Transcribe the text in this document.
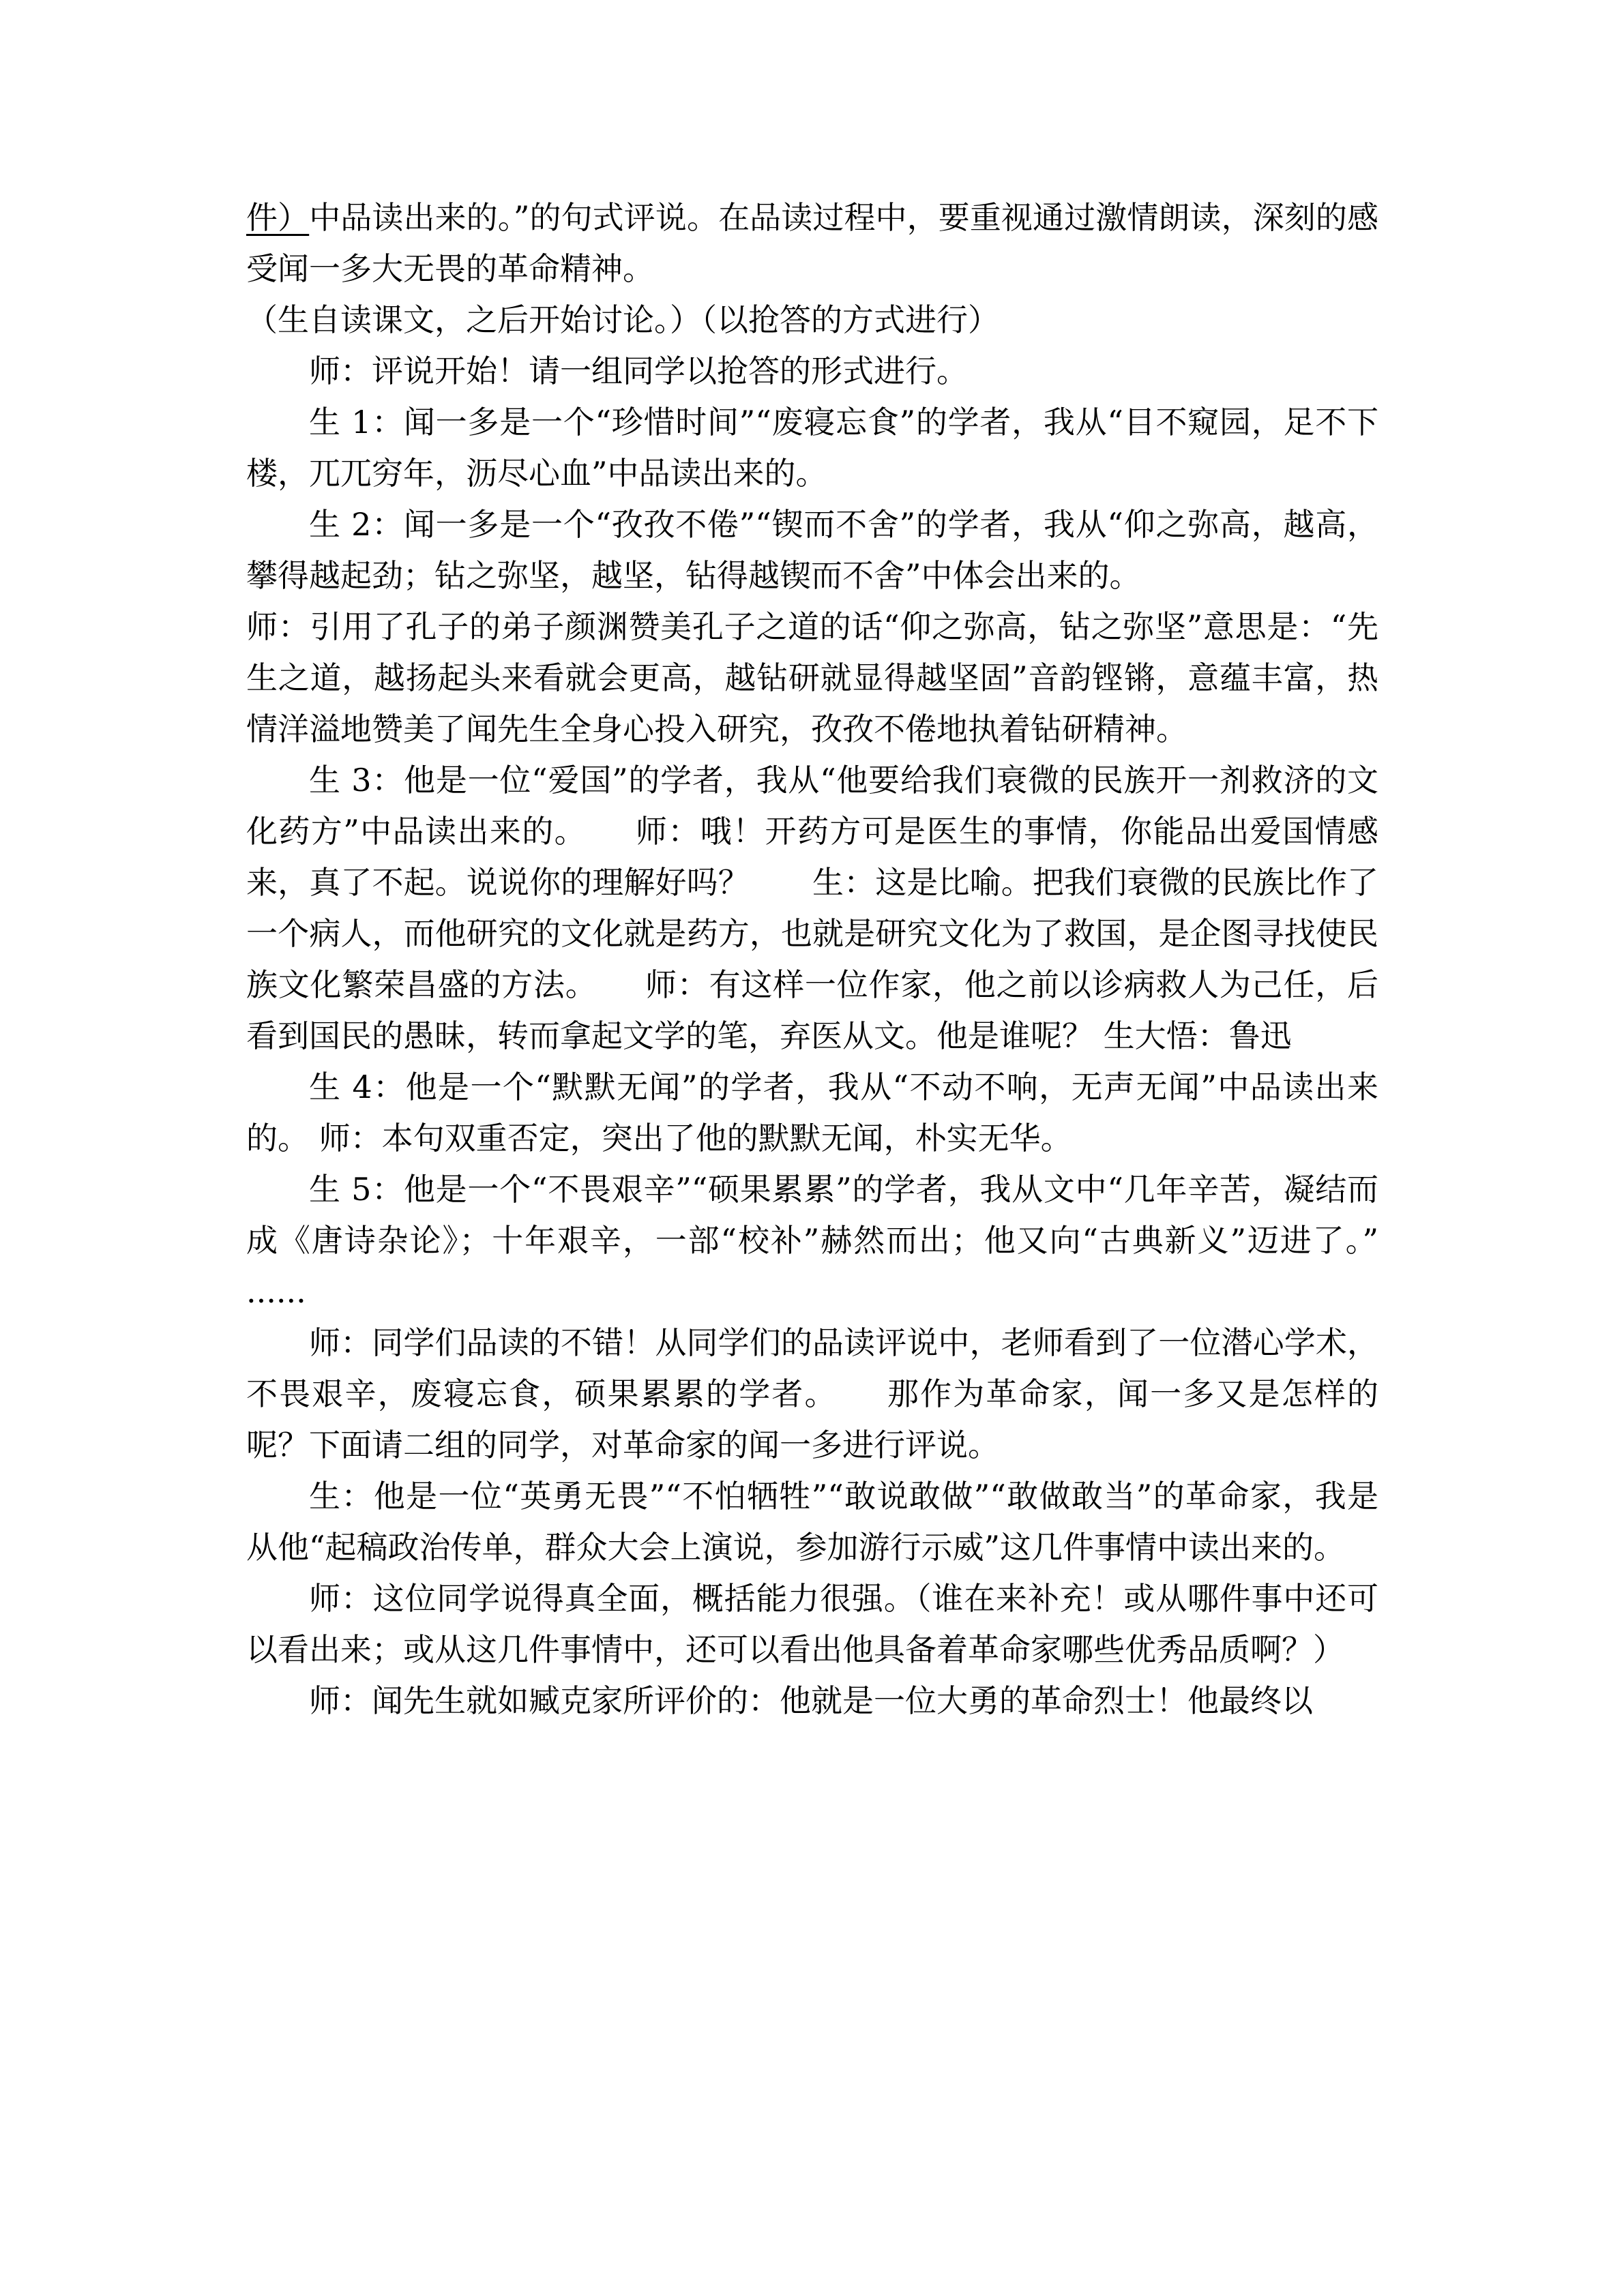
件）中品读出来的。”的句式评说。在品读过程中，要重视通过激情朗读，深刻的感受闻一多大无畏的革命精神。

（生自读课文，之后开始讨论。）（以抢答的方式进行）

师：评说开始！请一组同学以抢答的形式进行。

生 1：闻一多是一个“珍惜时间”“废寝忘食”的学者，我从“目不窥园，足不下楼，兀兀穷年，沥尽心血”中品读出来的。

生 2：闻一多是一个“孜孜不倦”“锲而不舍”的学者，我从“仰之弥高，越高，攀得越起劲；钻之弥坚，越坚，钻得越锲而不舍”中体会出来的。

师：引用了孔子的弟子颜渊赞美孔子之道的话“仰之弥高，钻之弥坚”意思是：“先生之道，越扬起头来看就会更高，越钻研就显得越坚固”音韵铿锵，意蕴丰富，热情洋溢地赞美了闻先生全身心投入研究，孜孜不倦地执着钻研精神。

生 3：他是一位“爱国”的学者，我从“他要给我们衰微的民族开一剂救济的文化药方”中品读出来的。　　师：哦！开药方可是医生的事情，你能品出爱国情感来，真了不起。说说你的理解好吗？　　生：这是比喻。把我们衰微的民族比作了一个病人，而他研究的文化就是药方，也就是研究文化为了救国，是企图寻找使民族文化繁荣昌盛的方法。　　师：有这样一位作家，他之前以诊病救人为己任，后看到国民的愚昧，转而拿起文学的笔，弃医从文。他是谁呢？ 生大悟：鲁迅

生 4：他是一个“默默无闻”的学者，我从“不动不响，无声无闻”中品读出来的。 师：本句双重否定，突出了他的默默无闻，朴实无华。

生 5：他是一个“不畏艰辛”“硕果累累”的学者，我从文中“几年辛苦，凝结而成《唐诗杂论》；十年艰辛，一部“校补”赫然而出；他又向“古典新义”迈进了。” ......

师：同学们品读的不错！从同学们的品读评说中，老师看到了一位潜心学术，不畏艰辛，废寝忘食，硕果累累的学者。　　那作为革命家，闻一多又是怎样的呢？下面请二组的同学，对革命家的闻一多进行评说。

生：他是一位“英勇无畏”“不怕牺牲”“敢说敢做”“敢做敢当”的革命家，我是从他“起稿政治传单，群众大会上演说，参加游行示威”这几件事情中读出来的。

师：这位同学说得真全面，概括能力很强。（谁在来补充！或从哪件事中还可以看出来；或从这几件事情中，还可以看出他具备着革命家哪些优秀品质啊？）

师：闻先生就如臧克家所评价的：他就是一位大勇的革命烈士！他最终以
